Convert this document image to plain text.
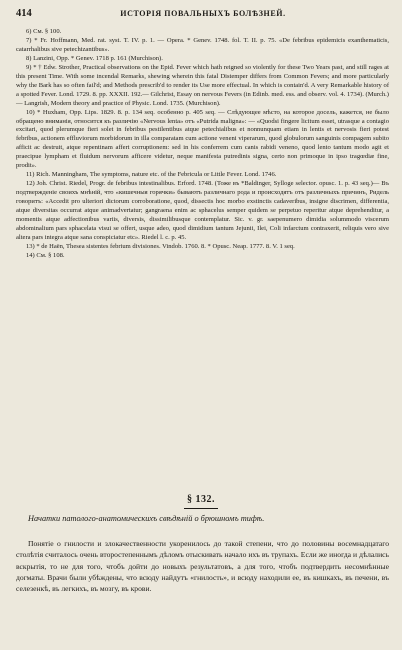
414	ИСТОРІЯ ПОВАЛЬНЫХЪ БОЛѢЗНЕЙ.

6) См. § 100.

7) * Fr. Hoffmann, Med. rat. syst. T. IV. p. 1. — Opera. * Genev. 1748. fol. T. II. p. 75. «De febribus epidemicis exanthematicis, catarrhalibus sive petechizantibus».

8) Lanzini, Opp. * Genev. 1718 p. 161 (Murchison).

9) * † Edw. Strother, Practical observations on the Epid. Fever which hath reigned so violently for these Two Years past, and still rages at this present Time. With some incendal Remarks, shewing wherein this fatal Distemper differs from Common Fevers; and more particularly why the Bark has so often fail'd; and Methods prescrib'd to render its Use more effectual. In which is contain'd. A very Remarkable history of a spotted Fever. Lond. 1729. 8. pp. XXXII. 192.— Gilchrist, Essay on nervous Fevers (in Edinb. med. ess. and observ. vol. 4. 1734). (Murch.) — Langrish, Modern theory and practice of Physic. Lond. 1735. (Murchison).

10) * Huxham, Opp. Lips. 1829. 8. p. 134 seq. особенно p. 405 seq. — Слѣдующее мѣсто, на которое досель, кажется, не было обращено вниманія, относится къ различію «Nervous lenta» отъ «Putrida maligna»: — «Quodsi fingere licitum esset, utrasque a contagio excitari, quod plerumque fieri solet in febribus pestilentibus atque petechialibus et nonnunquam etiam in lentis et nervosis fieri potest febribus, actionem effluviorum morbidorum in illa comparatam cum actione veneni viperarum, quod globulorum sanguinis compagem subito afficit ac destruit, atque repentinam affert corruptionem: sed in his conferrem cum canis rabidi veneno, quod lento tantum modo agit et praecipue lympham et fluidum nervorum afficere videtur, neque manifesta putredinis signa, certo non primoque in ipso tragœdiæ fine, prodit».

11) Rich. Manningham, The symptoms, nature etc. of the Febricula or Little Fever. Lond. 1746.

12) Joh. Christ. Riedel, Progr. de febribus intestinalibus. Erford. 1748. (Тоже въ *Baldinger, Sylloge selector. opusc. 1. p. 43 seq.)— Въ подтвержденіе своихъ мнѣній, что «кишечныя горячки» бываютъ различнаго рода и происходятъ отъ различныхъ причинъ, Ридель говоритъ: «Accedit pro ulteriori dictorum corroboratione, quod, dissectis hoc morbo exstinctis cadaveribus, insigne discrimen, differentia, atque diversitas occurrat atque animadvertatur; gangraena enim ac sphacelus semper quidem se perpetuo reperitur atque deprehenditur, a momentis atque adfectionibus variis, diversis, dissimilibusque contemplatur. Sic. v. gr. saepenumero dimidia solummodo viscerum abdominalium pars sphacelata visui se offert, usque adeo, quod dimidium tantum Jejunii, Ilei, Coli infarctum contraxerit, reliquis vero sive altera pars integra atque sana conspiciatur etc». Riedel l. c. p. 45.

13) * de Haën, Thesea sistentes febrium divisiones. Vindob. 1760. 8. * Opusc. Neap. 1777. 8. V. 1 seq.

14) См. § 108.

§ 132.
Начатки патолого-анатомическихъ свѣдѣній о брюшномъ тифѣ.
Понятіе о гнилости и злокачественности укоренилось до такой степени, что до половины восемнадцатаго столѣтія считалось очень второстепеннымъ дѣломъ отыскивать начало ихъ въ трупахъ. Если же иногда и дѣлались вскрытія, то не для того, чтобъ дойти до новыхъ результатовъ, а для того, чтобъ подтвердить несомнѣнные догматы. Врачи были убѣждены, что всюду найдутъ «гнилость», и всюду находили ее, въ кишкахъ, въ печени, въ селезенкѣ, въ легкихъ, въ мозгу, въ крови.
